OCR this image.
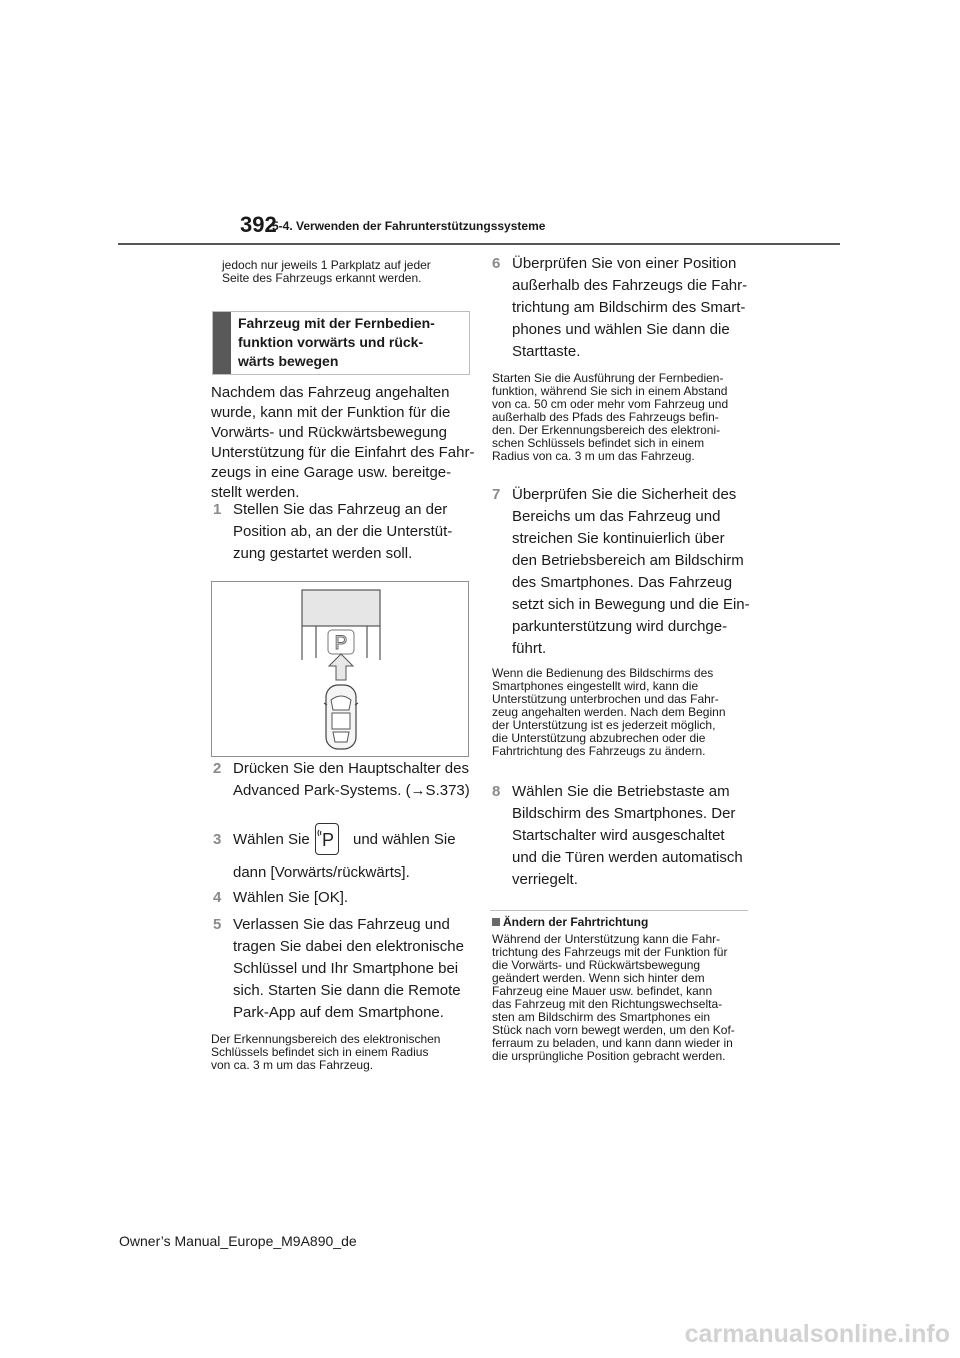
392
5-4. Verwenden der Fahrunterstützungssysteme
jedoch nur jeweils 1 Parkplatz auf jeder
Seite des Fahrzeugs erkannt werden.
Fahrzeug mit der Fernbedien-
funktion vorwärts und rück-
wärts bewegen
Nachdem das Fahrzeug angehalten
wurde, kann mit der Funktion für die
Vorwärts- und Rückwärtsbewegung
Unterstützung für die Einfahrt des Fahr-
zeugs in eine Garage usw. bereitge-
stellt werden.
1 Stellen Sie das Fahrzeug an der
Position ab, an der die Unterstüt-
zung gestartet werden soll.
P
2 Drücken Sie den Hauptschalter des
Advanced Park-Systems. (→S.373)
3 Wählen Sie P und wählen Sie
dann [Vorwärts/rückwärts].
4 Wählen Sie [OK].
5 Verlassen Sie das Fahrzeug und
tragen Sie dabei den elektronische
Schlüssel und Ihr Smartphone bei
sich. Starten Sie dann die Remote
Park-App auf dem Smartphone.
Der Erkennungsbereich des elektronischen
Schlüssels befindet sich in einem Radius
von ca. 3 m um das Fahrzeug.
6 Überprüfen Sie von einer Position
außerhalb des Fahrzeugs die Fahr-
trichtung am Bildschirm des Smart-
phones und wählen Sie dann die
Starttaste.
Starten Sie die Ausführung der Fernbedien-
funktion, während Sie sich in einem Abstand
von ca. 50 cm oder mehr vom Fahrzeug und
außerhalb des Pfads des Fahrzeugs befin-
den. Der Erkennungsbereich des elektroni-
schen Schlüssels befindet sich in einem
Radius von ca. 3 m um das Fahrzeug.
7 Überprüfen Sie die Sicherheit des
Bereichs um das Fahrzeug und
streichen Sie kontinuierlich über
den Betriebsbereich am Bildschirm
des Smartphones. Das Fahrzeug
setzt sich in Bewegung und die Ein-
parkunterstützung wird durchge-
führt.
Wenn die Bedienung des Bildschirms des
Smartphones eingestellt wird, kann die
Unterstützung unterbrochen und das Fahr-
zeug angehalten werden. Nach dem Beginn
der Unterstützung ist es jederzeit möglich,
die Unterstützung abzubrechen oder die
Fahrtrichtung des Fahrzeugs zu ändern.
8 Wählen Sie die Betriebstaste am
Bildschirm des Smartphones. Der
Startschalter wird ausgeschaltet
und die Türen werden automatisch
verriegelt.
Ändern der Fahrtrichtung
Während der Unterstützung kann die Fahr-
trichtung des Fahrzeugs mit der Funktion für
die Vorwärts- und Rückwärtsbewegung
geändert werden. Wenn sich hinter dem
Fahrzeug eine Mauer usw. befindet, kann
das Fahrzeug mit den Richtungswechselta-
sten am Bildschirm des Smartphones ein
Stück nach vorn bewegt werden, um den Kof-
ferraum zu beladen, und kann dann wieder in
die ursprüngliche Position gebracht werden.
Owner’s Manual_Europe_M9A890_de
carmanualsonline.info
